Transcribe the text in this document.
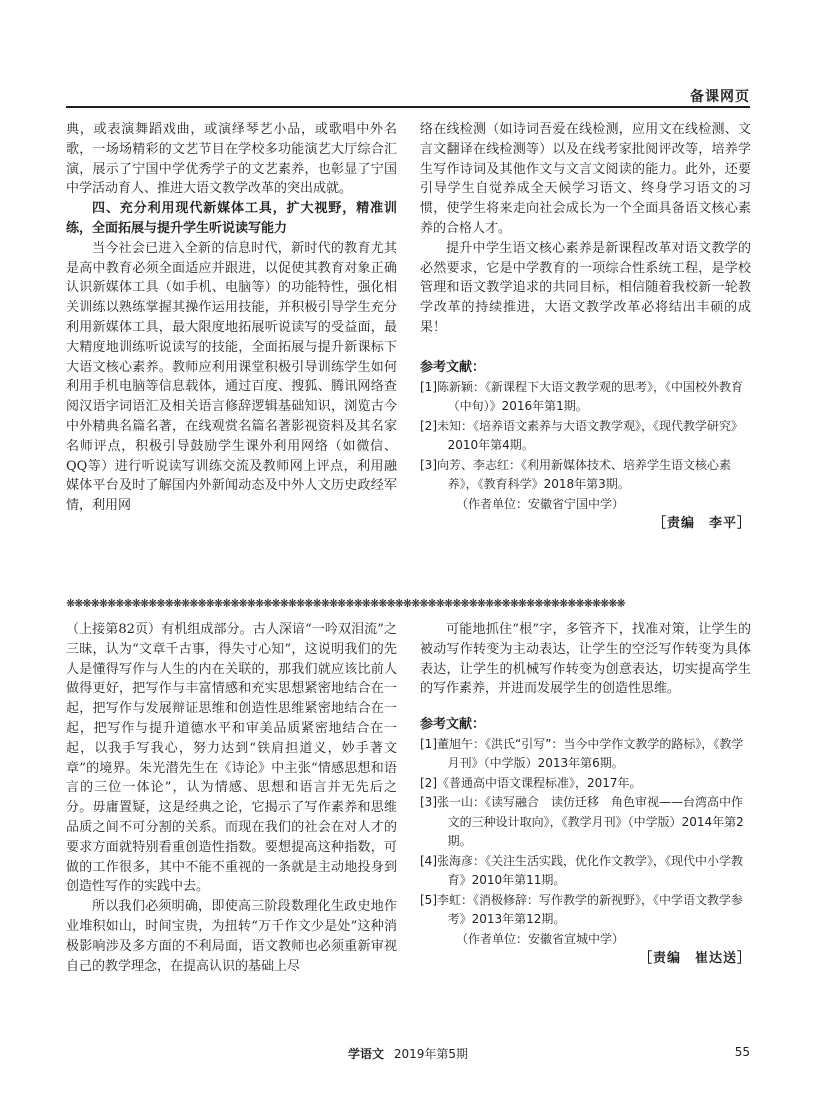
备课网页

典，或表演舞蹈戏曲，或演绎琴艺小品，或歌唱中外名歌，一场场精彩的文艺节目在学校多功能演艺大厅综合汇演，展示了宁国中学优秀学子的文艺素养，也彰显了宁国中学活动育人、推进大语文教学改革的突出成就。

四、充分利用现代新媒体工具，扩大视野，精准训练，全面拓展与提升学生听说读写能力

当今社会已进入全新的信息时代，新时代的教育尤其是高中教育必须全面适应并跟进，以促使其教育对象正确认识新媒体工具（如手机、电脑等）的功能特性，强化相关训练以熟练掌握其操作运用技能，并积极引导学生充分利用新媒体工具，最大限度地拓展听说读写的受益面，最大精度地训练听说读写的技能，全面拓展与提升新课标下大语文核心素养。教师应利用课堂积极引导训练学生如何利用手机电脑等信息载体，通过百度、搜狐、腾讯网络查阅汉语字词语汇及相关语言修辞逻辑基础知识，浏览古今中外精典名篇名著，在线观赏名篇名著影视资料及其名家名师评点，积极引导鼓励学生课外利用网络（如微信、QQ等）进行听说读写训练交流及教师网上评点，利用融媒体平台及时了解国内外新闻动态及中外人文历史政经军情，利用网

络在线检测（如诗词吾爱在线检测，应用文在线检测、文言文翻译在线检测等）以及在线考家批阅评改等，培养学生写作诗词及其他作文与文言文阅读的能力。此外，还要引导学生自觉养成全天候学习语文、终身学习语文的习惯，使学生将来走向社会成长为一个全面具备语文核心素养的合格人才。

提升中学生语文核心素养是新课程改革对语文教学的必然要求，它是中学教育的一项综合性系统工程，是学校管理和语文教学追求的共同目标，相信随着我校新一轮教学改革的持续推进，大语文教学改革必将结出丰硕的成果！

参考文献：

[1]陈新颖：《新课程下大语文教学观的思考》，《中国校外教育（中旬）》2016年第1期。

[2]未知：《培养语文素养与大语文教学观》，《现代教学研究》2010年第4期。

[3]向芳、李志红：《利用新媒体技术、培养学生语文核心素养》，《教育科学》2018年第3期。

（作者单位：安徽省宁国中学）

［责编　李平］

❋❋❋❋❋❋❋❋❋❋❋❋❋❋❋❋❋❋❋❋❋❋❋❋❋❋❋❋❋❋❋❋❋❋❋❋❋❋❋❋❋❋❋❋❋❋❋❋❋❋❋❋❋❋❋❋❋❋❋❋❋❋❋❋❋❋❋❋

（上接第82页）有机组成部分。古人深谙“一吟双泪流”之三昧，认为“文章千古事，得失寸心知”，这说明我们的先人是懂得写作与人生的内在关联的，那我们就应该比前人做得更好，把写作与丰富情感和充实思想紧密地结合在一起，把写作与发展辩证思维和创造性思维紧密地结合在一起，把写作与提升道德水平和审美品质紧密地结合在一起，以我手写我心，努力达到“铁肩担道义，妙手著文章”的境界。朱光潜先生在《诗论》中主张“情感思想和语言的三位一体论”，认为情感、思想和语言并无先后之分。毋庸置疑，这是经典之论，它揭示了写作素养和思维品质之间不可分割的关系。而现在我们的社会在对人才的要求方面就特别看重创造性指数。要想提高这种指数，可做的工作很多，其中不能不重视的一条就是主动地投身到创造性写作的实践中去。

所以我们必须明确，即使高三阶段数理化生政史地作业堆积如山，时间宝贵，为扭转“万千作文少是处”这种消极影响涉及多方面的不利局面，语文教师也必须重新审视自己的教学理念，在提高认识的基础上尽

可能地抓住“根”字，多管齐下，找准对策，让学生的被动写作转变为主动表达，让学生的空泛写作转变为具体表达，让学生的机械写作转变为创意表达，切实提高学生的写作素养，并进而发展学生的创造性思维。

参考文献：

[1]董旭午：《洪氏“引写”：当今中学作文教学的路标》，《教学月刊》（中学版）2013年第6期。

[2]《普通高中语文课程标准》，2017年。

[3]张一山：《读写融合　读仿迁移　角色审视——台湾高中作文的三种设计取向》，《教学月刊》（中学版）2014年第2期。

[4]张海彦：《关注生活实践，优化作文教学》，《现代中小学教育》2010年第11期。

[5]李虹：《消极修辞：写作教学的新视野》，《中学语文教学参考》2013年第12期。

（作者单位：安徽省宣城中学）

［责编　崔达送］

学语文 2019年第5期	55
